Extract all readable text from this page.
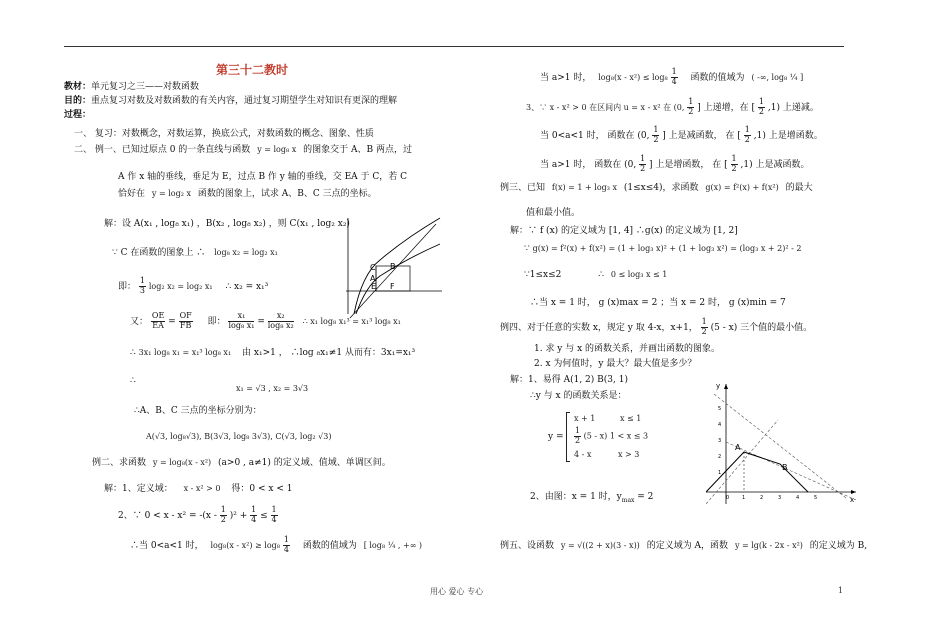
第三十二教时
教材：单元复习之三——对数函数
目的：重点复习对数及对数函数的有关内容，通过复习期望学生对知识有更深的理解
过程：
一、 复习：对数概念，对数运算，换底公式，对数函数的概念、图象、性质
二、 例一、已知过原点 0 的一条直线与函数 y = log₈ x 的图象交于 A、B 两点，过
A 作 x 轴的垂线，垂足为 E，过点 B 作 y 轴的垂线，交 EA 于 C，若 C
恰好在 y = log₂ x 函数的图象上，试求 A、B、C 三点的坐标。
解：设 A(x₁ , log₈ x₁) ，B(x₂ , log₈ x₂) ，则 C(x₁ , log₂ x₂)
∵ C 在函数的图象上 ∴ log₈ x₂ = log₂ x₁
即： $\frac{1}{3} \log_2$ x₂ = log₂ x₁ ∴ x₂ = x₁³
又： $\frac{OE}{EA} = \frac{OF}{FB}$ 即： $\frac{\text{x₁}}{\text{log₈ x₁}} = \frac{\text{x₂}}{\text{log₈ x₂}}$ ∴ x₁ log₈ x₁³ = x₁³ log₈ x₁
∴ 3x₁ log₈ x₁ = x₁³ log₈ x₁ 由 x₁>1 ， ∴log ₈x₁≠1 从而有：3x₁=x₁³
∴
x₁ = √3 , x₂ = 3√3
∴A、B、C 三点的坐标分别为：
A(√3, log₈√3), B(3√3, log₈ 3√3), C(√3, log₂ √3)
例二、求函数 y = log₈(x - x²) (a>0 , a≠1) 的定义域、值域、单调区间。
解：1、定义域： x - x² > 0 得：0 < x < 1
2、∵ $0 < x - x^2 = -(x - \frac{1}{2} )^2 + \frac{1}{4} \le \frac{1}{4}$
∴当 0<a<1 时， $\log_8(x - x^2) \ge \log_8 \frac{1}{4}$ 函数的值域为 [ log₈ ¼ , +∞ )
C B
A
E F
当 a>1 时， $\log_8(x - x^2) \le \log_8 \frac{1}{4}$ 函数的值域为 ( -∞, log₈ ¼ ]
3、∵ x - x² > 0 在区间内 u = x - x² 在 (0, $\frac{1}{2}$ ] 上递增，在 [ $\frac{1}{2} ,1$) 上递减。
当 0<a<1 时， 函数在 (0, $\frac{1}{2}$ ] 上是减函数， 在 [ $\frac{1}{2} ,1$) 上是增函数。
当 a>1 时， 函数在 (0, $\frac{1}{2}$ ] 上是增函数， 在 [ $\frac{1}{2} ,1$) 上是减函数。
例三、已知 f(x) = 1 + log₃ x (1≤x≤4)，求函数 g(x) = f²(x) + f(x²) 的最大
值和最小值。
解：∵ f (x) 的定义域为 [1, 4] ∴g(x) 的定义域为 [1, 2]
∵ g(x) = f²(x) + f(x²) = (1 + log₃ x)² + (1 + log₃ x²) = (log₃ x + 2)² - 2
∵1≤x≤2	∴ 0 ≤ log₃ x ≤ 1
∴当 x = 1 时， g (x)max = 2 ；当 x = 2 时， g (x)min = 7
例四、对于任意的实数 x，规定 y 取 4-x，x+1， $\frac{1}{2} (5 - x)$ 三个值的最小值。
1. 求 y 与 x 的函数关系，并画出函数的图象。
2. x 为何值时，y 最大？最大值是多少？
解：1、易得 A(1, 2) B(3, 1)
∴y 与 x 的函数关系是：
y =
x + 1	x ≤ 1
$\frac{1}{2} (5 - x) 1 < x \le 3$
4 - x	x > 3
2、由图：x = 1 时，$y_{max} = 2$
例五、设函数 y = √((2 + x)(3 - x)) 的定义域为 A，函数 y = lg(k - 2x - x²) 的定义域为 B,
5
4
3
2
1
y
A
B
x
0	1	2	3	4	5
用心 爱心 专心	1
